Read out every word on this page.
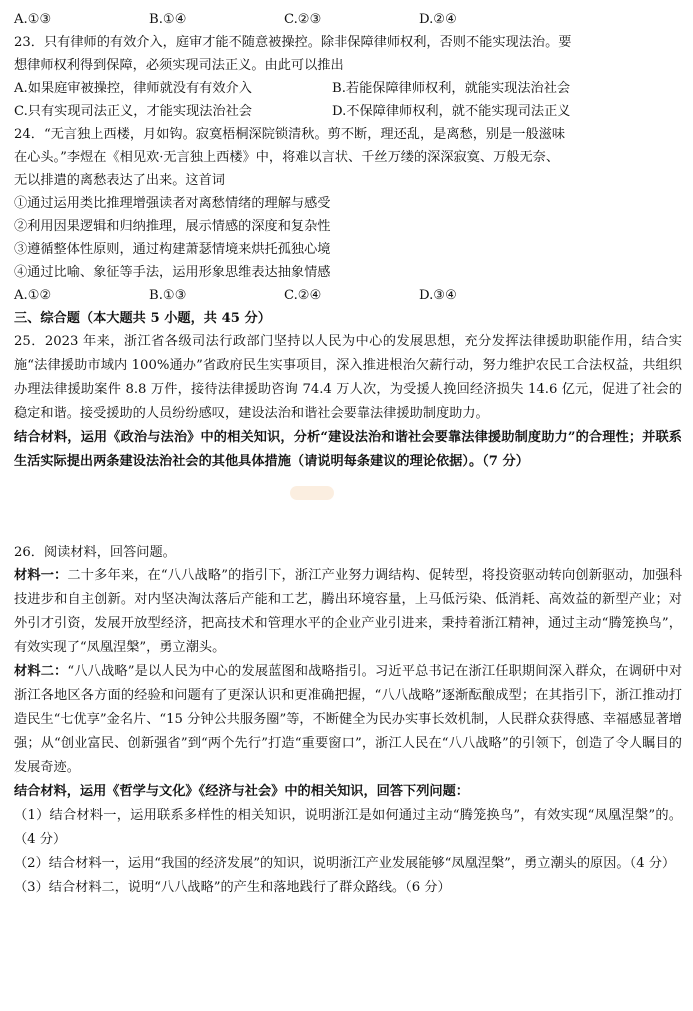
A.①③	B.①④	C.②③	D.②④
23．只有律师的有效介入，庭审才能不随意被操控。除非保障律师权利，否则不能实现法治。要
想律师权利得到保障，必须实现司法正义。由此可以推出
A.如果庭审被操控，律师就没有有效介入	B.若能保障律师权利，就能实现法治社会
C.只有实现司法正义，才能实现法治社会	D.不保障律师权利，就不能实现司法正义
24．“无言独上西楼，月如钩。寂寞梧桐深院锁清秋。剪不断，理还乱，是离愁，别是一般滋味
在心头。”李煜在《相见欢·无言独上西楼》中，将难以言状、千丝万缕的深深寂寞、万般无奈、
无以排遣的离愁表达了出来。这首词
①通过运用类比推理增强读者对离愁情绪的理解与感受
②利用因果逻辑和归纳推理，展示情感的深度和复杂性
③遵循整体性原则，通过构建萧瑟情境来烘托孤独心境
④通过比喻、象征等手法，运用形象思维表达抽象情感
A.①②	B.①③	C.②④	D.③④
三、综合题（本大题共 5 小题，共 45 分）
25．2023 年来，浙江省各级司法行政部门坚持以人民为中心的发展思想，充分发挥法律援助职能作用，结合实施“法律援助市域内 100%通办”省政府民生实事项目，深入推进根治欠薪行动，努力维护农民工合法权益，共组织办理法律援助案件 8.8 万件，接待法律援助咨询 74.4 万人次，为受援人挽回经济损失 14.6 亿元，促进了社会的稳定和谐。接受援助的人员纷纷感叹，建设法治和谐社会要靠法律援助制度助力。
结合材料，运用《政治与法治》中的相关知识，分析“建设法治和谐社会要靠法律援助制度助力”的合理性；并联系生活实际提出两条建设法治社会的其他具体措施（请说明每条建议的理论依据）。（7 分）
26．阅读材料，回答问题。
材料一：二十多年来，在“八八战略”的指引下，浙江产业努力调结构、促转型，将投资驱动转向创新驱动，加强科技进步和自主创新。对内坚决淘汰落后产能和工艺，腾出环境容量，上马低污染、低消耗、高效益的新型产业；对外引才引资，发展开放型经济，把高技术和管理水平的企业产业引进来，秉持着浙江精神，通过主动“腾笼换鸟”，有效实现了“凤凰涅槃”，勇立潮头。
材料二：“八八战略”是以人民为中心的发展蓝图和战略指引。习近平总书记在浙江任职期间深入群众，在调研中对浙江各地区各方面的经验和问题有了更深认识和更准确把握，“八八战略”逐渐酝酿成型；在其指引下，浙江推动打造民生“七优享”金名片、“15 分钟公共服务圈”等，不断健全为民办实事长效机制，人民群众获得感、幸福感显著增强；从“创业富民、创新强省”到“两个先行”打造“重要窗口”，浙江人民在“八八战略”的引领下，创造了令人瞩目的发展奇迹。
结合材料，运用《哲学与文化》《经济与社会》中的相关知识，回答下列问题：
（1）结合材料一，运用联系多样性的相关知识，说明浙江是如何通过主动“腾笼换鸟”，有效实现“凤凰涅槃”的。（4 分）
（2）结合材料一，运用“我国的经济发展”的知识，说明浙江产业发展能够“凤凰涅槃”，勇立潮头的原因。（4 分）
（3）结合材料二，说明“八八战略”的产生和落地践行了群众路线。（6 分）
